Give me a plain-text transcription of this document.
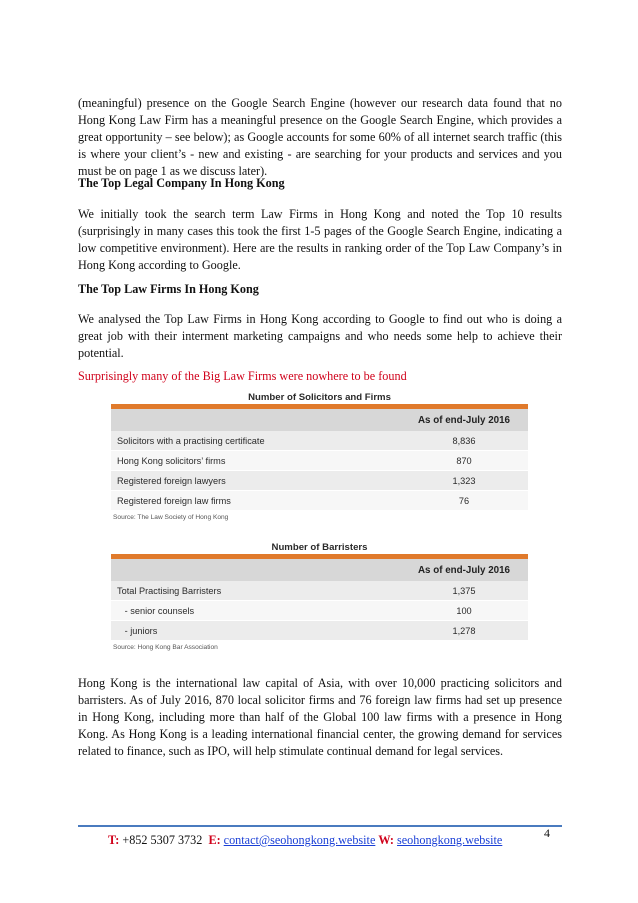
(meaningful) presence on the Google Search Engine (however our research data found that no Hong Kong Law Firm has a meaningful presence on the Google Search Engine, which provides a great opportunity – see below); as Google accounts for some 60% of all internet search traffic (this is where your client’s - new and existing - are searching for your products and services and you must be on page 1 as we discuss later).

The Top Legal Company In Hong Kong

We initially took the search term Law Firms in Hong Kong and noted the Top 10 results (surprisingly in many cases this took the first 1-5 pages of the Google Search Engine, indicating a low competitive environment). Here are the results in ranking order of the Top Law Company’s in Hong Kong according to Google.

The Top Law Firms In Hong Kong

We analysed the Top Law Firms in Hong Kong according to Google to find out who is doing a great job with their interment marketing campaigns and who needs some help to achieve their potential.

Surprisingly many of the Big Law Firms were nowhere to be found

Number of Solicitors and Firms
As of end-July 2016
Solicitors with a practising certificate	8,836
Hong Kong solicitors’ firms	870
Registered foreign lawyers	1,323
Registered foreign law firms	76
Source: The Law Society of Hong Kong
Number of Barristers
As of end-July 2016
Total Practising Barristers	1,375
- senior counsels	100
- juniors	1,278
Source: Hong Kong Bar Association

Hong Kong is the international law capital of Asia, with over 10,000 practicing solicitors and barristers. As of July 2016, 870 local solicitor firms and 76 foreign law firms had set up presence in Hong Kong, including more than half of the Global 100 law firms with a presence in Hong Kong. As Hong Kong is a leading international financial center, the growing demand for services related to finance, such as IPO, will help stimulate continual demand for legal services.

4
T: +852 5307 3732 E: contact@seohongkong.website W: seohongkong.website
